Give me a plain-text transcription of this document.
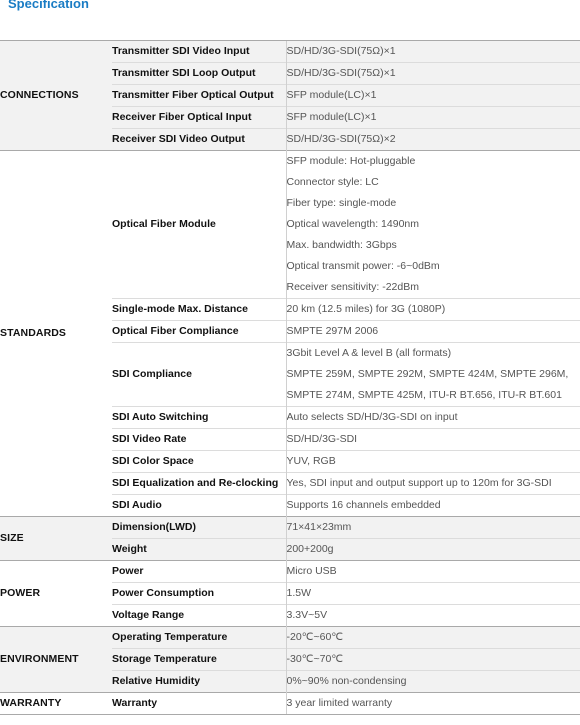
Specification
CONNECTIONS	Transmitter SDI Video Input	SD/HD/3G-SDI(75Ω)×1
	Transmitter SDI Loop Output	SD/HD/3G-SDI(75Ω)×1
	Transmitter Fiber Optical Output	SFP module(LC)×1
	Receiver Fiber Optical Input	SFP module(LC)×1
	Receiver SDI Video Output	SD/HD/3G-SDI(75Ω)×2
STANDARDS	Optical Fiber Module	SFP module: Hot-pluggable
		Connector style: LC
		Fiber type: single-mode
		Optical wavelength: 1490nm
		Max. bandwidth: 3Gbps
		Optical transmit power: -6~0dBm
		Receiver sensitivity: -22dBm
	Single-mode Max. Distance	20 km (12.5 miles) for 3G (1080P)
	Optical Fiber Compliance	SMPTE 297M 2006
	SDI Compliance	3Gbit Level A & level B (all formats)
		SMPTE 259M, SMPTE 292M, SMPTE 424M, SMPTE 296M,
		SMPTE 274M, SMPTE 425M, ITU-R BT.656, ITU-R BT.601
	SDI Auto Switching	Auto selects SD/HD/3G-SDI on input
	SDI Video Rate	SD/HD/3G-SDI
	SDI Color Space	YUV, RGB
	SDI Equalization and Re-clocking	Yes, SDI input and output support up to 120m for 3G-SDI
	SDI Audio	Supports 16 channels embedded
SIZE	Dimension(LWD)	71×41×23mm
	Weight	200+200g
POWER	Power	Micro USB
	Power Consumption	1.5W
	Voltage Range	3.3V~5V
ENVIRONMENT	Operating Temperature	-20℃~60℃
	Storage Temperature	-30℃~70℃
	Relative Humidity	0%~90% non-condensing
WARRANTY	Warranty	3 year limited warranty
